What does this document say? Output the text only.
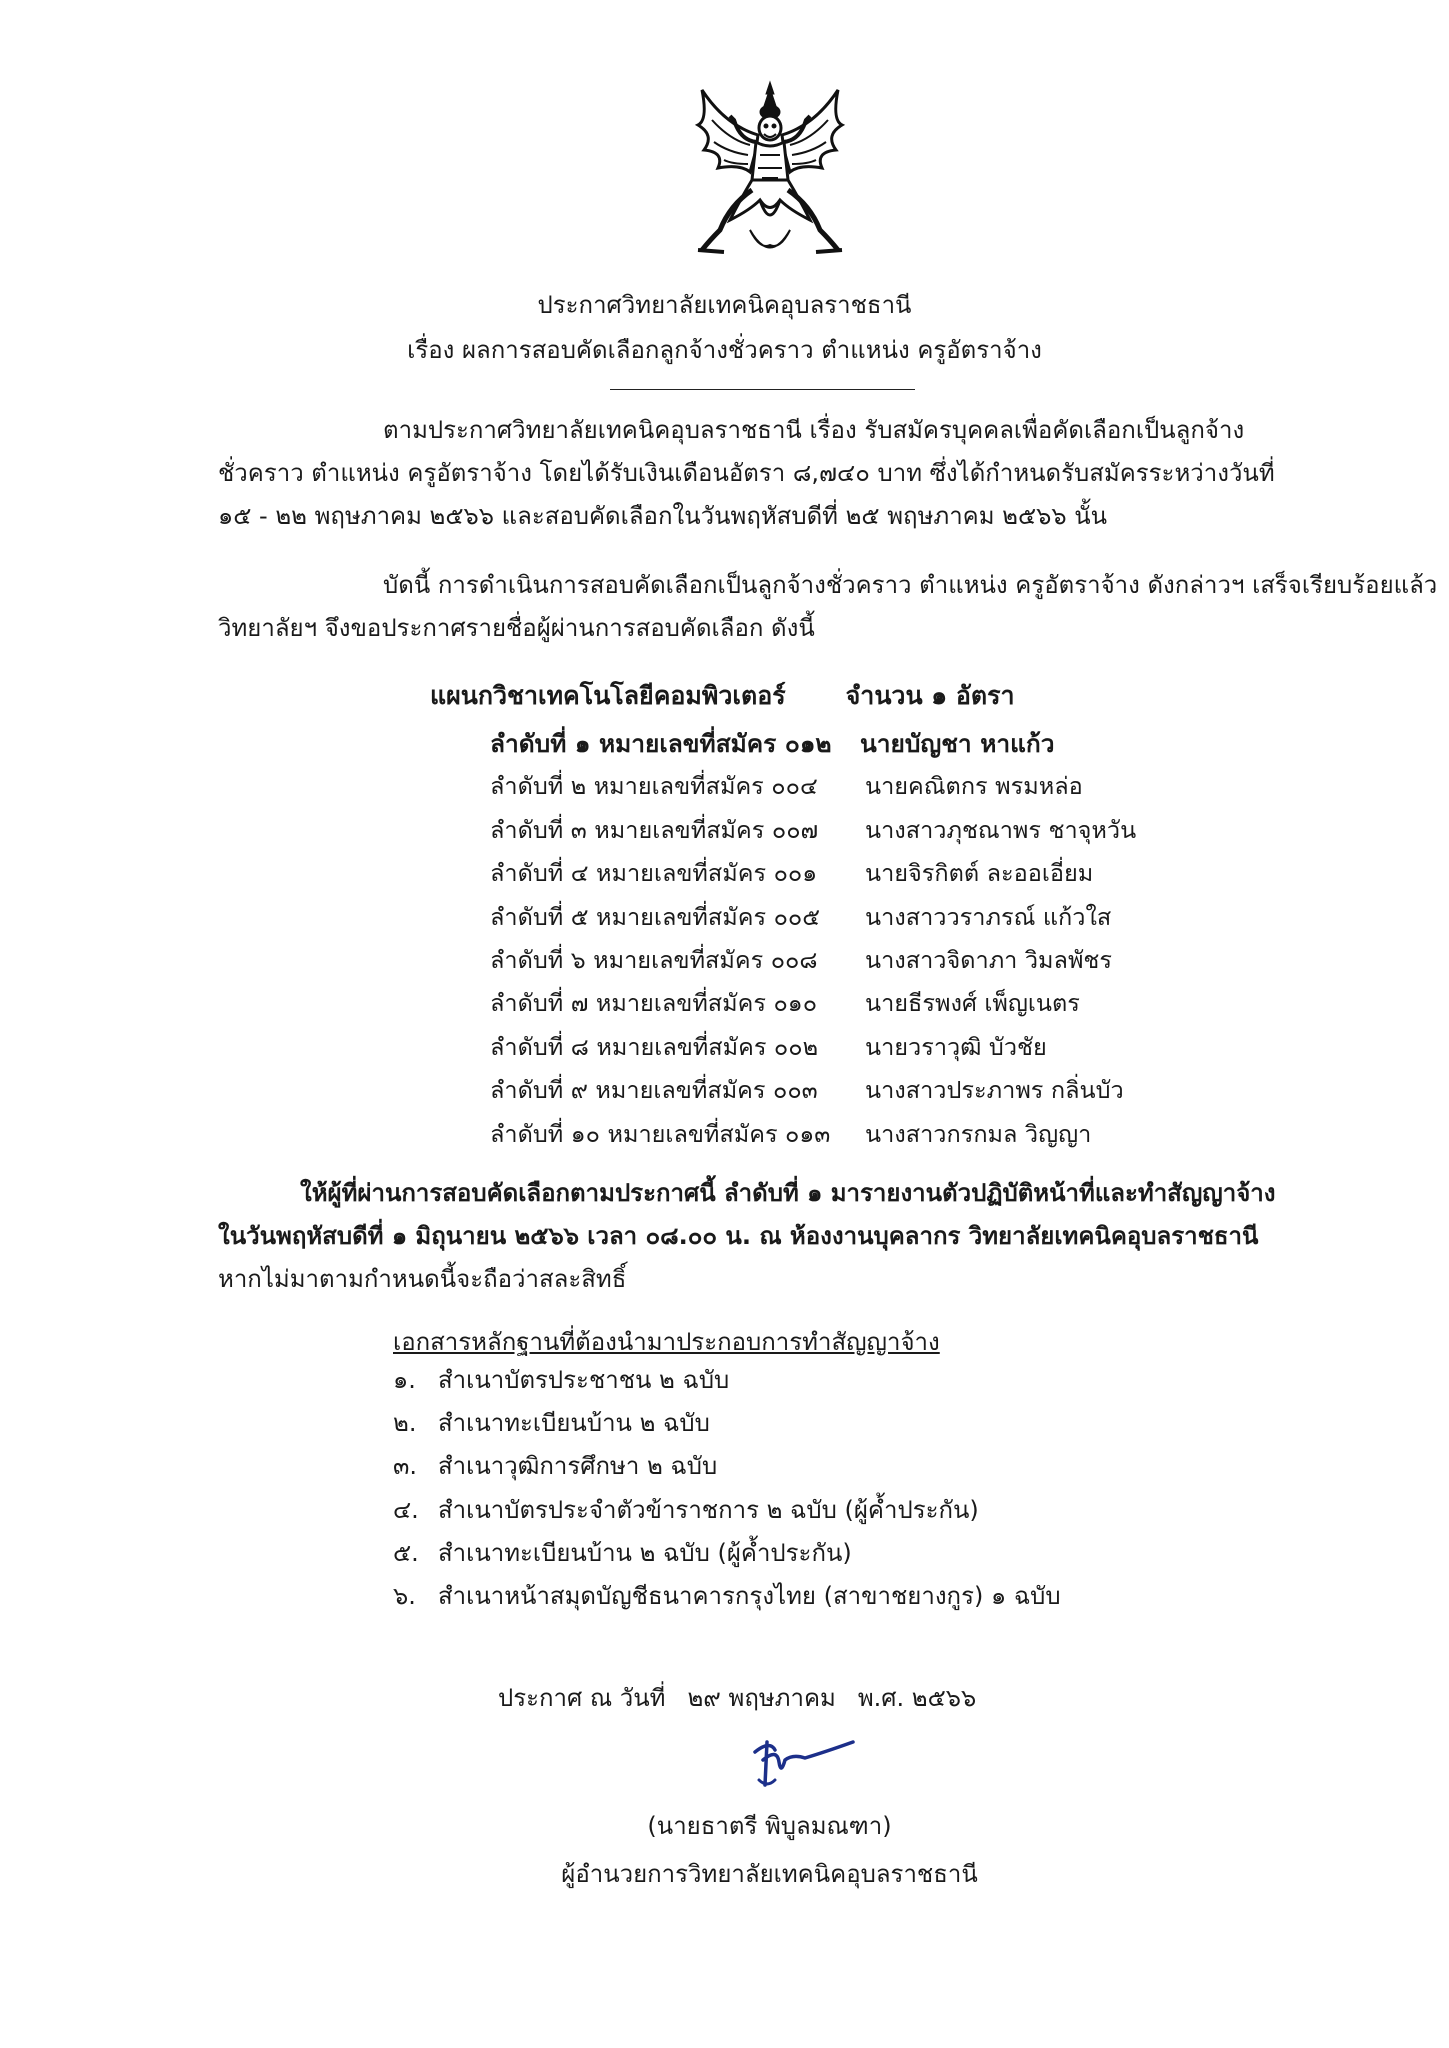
ประกาศวิทยาลัยเทคนิคอุบลราชธานี
เรื่อง ผลการสอบคัดเลือกลูกจ้างชั่วคราว ตำแหน่ง ครูอัตราจ้าง
ตามประกาศวิทยาลัยเทคนิคอุบลราชธานี เรื่อง รับสมัครบุคคลเพื่อคัดเลือกเป็นลูกจ้าง
ชั่วคราว ตำแหน่ง ครูอัตราจ้าง โดยได้รับเงินเดือนอัตรา ๘,๗๔๐ บาท ซึ่งได้กำหนดรับสมัครระหว่างวันที่
๑๕ - ๒๒ พฤษภาคม ๒๕๖๖ และสอบคัดเลือกในวันพฤหัสบดีที่ ๒๕ พฤษภาคม ๒๕๖๖ นั้น
บัดนี้ การดำเนินการสอบคัดเลือกเป็นลูกจ้างชั่วคราว ตำแหน่ง ครูอัตราจ้าง ดังกล่าวฯ เสร็จเรียบร้อยแล้ว
วิทยาลัยฯ จึงขอประกาศรายชื่อผู้ผ่านการสอบคัดเลือก ดังนี้
แผนกวิชาเทคโนโลยีคอมพิวเตอร์ จำนวน ๑ อัตรา
ลำดับที่ ๑ หมายเลขที่สมัคร ๐๑๒ นายบัญชา หาแก้ว
ลำดับที่ ๒ หมายเลขที่สมัคร ๐๐๔ นายคณิตกร พรมหล่อ
ลำดับที่ ๓ หมายเลขที่สมัคร ๐๐๗ นางสาวภุชณาพร ชาจุหวัน
ลำดับที่ ๔ หมายเลขที่สมัคร ๐๐๑ นายจิรกิตต์ ละออเอี่ยม
ลำดับที่ ๕ หมายเลขที่สมัคร ๐๐๕ นางสาววราภรณ์ แก้วใส
ลำดับที่ ๖ หมายเลขที่สมัคร ๐๐๘ นางสาวจิดาภา วิมลพัชร
ลำดับที่ ๗ หมายเลขที่สมัคร ๐๑๐ นายธีรพงศ์ เพ็ญเนตร
ลำดับที่ ๘ หมายเลขที่สมัคร ๐๐๒ นายวราวุฒิ บัวชัย
ลำดับที่ ๙ หมายเลขที่สมัคร ๐๐๓ นางสาวประภาพร กลิ่นบัว
ลำดับที่ ๑๐ หมายเลขที่สมัคร ๐๑๓ นางสาวกรกมล วิญญา
ให้ผู้ที่ผ่านการสอบคัดเลือกตามประกาศนี้ ลำดับที่ ๑ มารายงานตัวปฏิบัติหน้าที่และทำสัญญาจ้าง
ในวันพฤหัสบดีที่ ๑ มิถุนายน ๒๕๖๖ เวลา ๐๘.๐๐ น. ณ ห้องงานบุคลากร วิทยาลัยเทคนิคอุบลราชธานี
หากไม่มาตามกำหนดนี้จะถือว่าสละสิทธิ์
เอกสารหลักฐานที่ต้องนำมาประกอบการทำสัญญาจ้าง
๑. สำเนาบัตรประชาชน ๒ ฉบับ
๒. สำเนาทะเบียนบ้าน ๒ ฉบับ
๓. สำเนาวุฒิการศึกษา ๒ ฉบับ
๔. สำเนาบัตรประจำตัวข้าราชการ ๒ ฉบับ (ผู้ค้ำประกัน)
๕. สำเนาทะเบียนบ้าน ๒ ฉบับ (ผู้ค้ำประกัน)
๖. สำเนาหน้าสมุดบัญชีธนาคารกรุงไทย (สาขาชยางกูร) ๑ ฉบับ
ประกาศ ณ วันที่ ๒๙ พฤษภาคม พ.ศ. ๒๕๖๖
(นายธาตรี พิบูลมณฑา)
ผู้อำนวยการวิทยาลัยเทคนิคอุบลราชธานี
